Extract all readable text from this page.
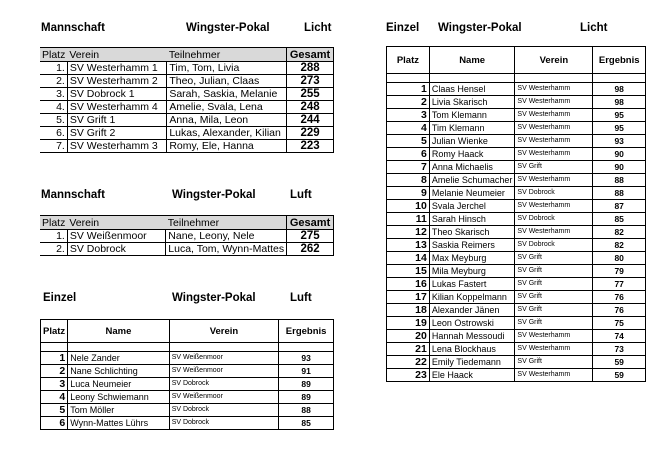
Mannschaft	Wingster-Pokal	Licht
Mannschaft	Wingster-Pokal	Luft
Einzel	Wingster-Pokal	Luft
Einzel Wingster-Pokal	Licht
Platz	Verein	Teilnehmer	Gesamt
1.	SV Westerhamm 1	Tim, Tom, Livia	288
2.	SV Westerhamm 2	Theo, Julian, Claas	273
3.	SV Dobrock 1	Sarah, Saskia, Melanie	255
4.	SV Westerhamm 4	Amelie, Svala, Lena	248
5.	SV Grift 1	Anna, Mila, Leon	244
6.	SV Grift 2	Lukas, Alexander, Kilian	229
7.	SV Westerhamm 3	Romy, Ele, Hanna	223
Platz	Verein	Teilnehmer	Gesamt
1.	SV Weißenmoor	Nane, Leony, Nele	275
2.	SV Dobrock	Luca, Tom, Wynn-Mattes	262
Platz	Name	Verein	Ergebnis

1	Nele Zander	SV Weißenmoor	93
2	Nane Schlichting	SV Weißenmoor	91
3	Luca Neumeier	SV Dobrock	89
4	Leony Schwiemann	SV Weißenmoor	89
5	Tom Möller	SV Dobrock	88
6	Wynn-Mattes Lührs	SV Dobrock	85
Platz	Name	Verein	Ergebnis

1	Claas Hensel	SV Westerhamm	98
2	Livia Skarisch	SV Westerhamm	98
3	Tom Klemann	SV Westerhamm	95
4	Tim Klemann	SV Westerhamm	95
5	Julian Wienke	SV Westerhamm	93
6	Romy Haack	SV Westerhamm	90
7	Anna Michaelis	SV Grift	90
8	Amelie Schumacher	SV Westerhamm	88
9	Melanie Neumeier	SV Dobrock	88
10	Svala Jerchel	SV Westerhamm	87
11	Sarah Hinsch	SV Dobrock	85
12	Theo Skarisch	SV Westerhamm	82
13	Saskia Reimers	SV Dobrock	82
14	Max Meyburg	SV Grift	80
15	Mila Meyburg	SV Grift	79
16	Lukas Fastert	SV Grift	77
17	Kilian Koppelmann	SV Grift	76
18	Alexander Jänen	SV Grift	76
19	Leon Ostrowski	SV Grift	75
20	Hannah Messoudi	SV Westerhamm	74
21	Lena Blockhaus	SV Westerhamm	73
22	Emily Tiedemann	SV Grift	59
23	Ele Haack	SV Westerhamm	59
